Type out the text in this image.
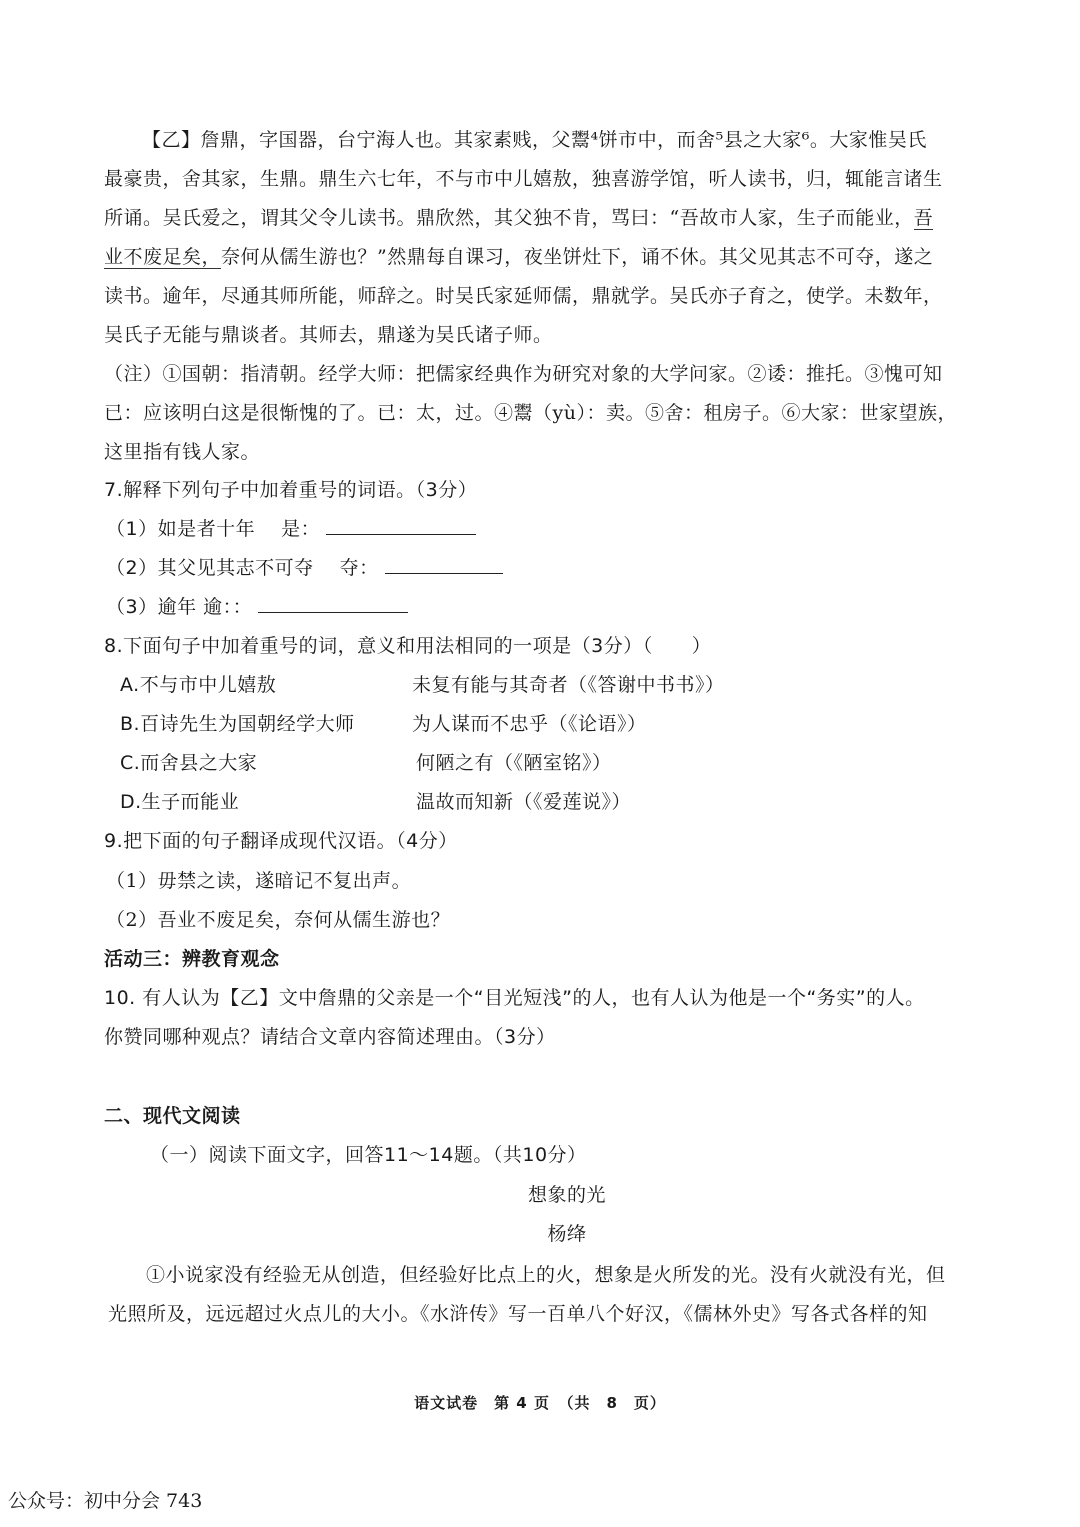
【乙】詹鼎，字国器，台宁海人也。其家素贱，父鬻⁴饼市中，而舍⁵县之大家⁶。大家惟吴氏
最豪贵，舍其家，生鼎。鼎生六七年，不与市中儿嬉敖，独喜游学馆，听人读书，归，辄能言诸生
所诵。吴氏爱之，谓其父令儿读书。鼎欣然，其父独不肯，骂曰：“吾故市人家，生子而能业，吾
业不废足矣，奈何从儒生游也？”然鼎每自课习，夜坐饼灶下，诵不休。其父见其志不可夺，遂之
读书。逾年，尽通其师所能，师辞之。时吴氏家延师儒，鼎就学。吴氏亦子育之，使学。未数年，
吴氏子无能与鼎谈者。其师去，鼎遂为吴氏诸子师。
（注）①国朝：指清朝。经学大师：把儒家经典作为研究对象的大学问家。②诿：推托。③愧可知
已：应该明白这是很惭愧的了。已：太，过。④鬻（yù）：卖。⑤舍：租房子。⑥大家：世家望族，
这里指有钱人家。
7.解释下列句子中加着重号的词语。（3分）
（1）如是者十年　 是：
（2）其父见其志不可夺　 夺：
（3）逾年 逾：：
8.下面句子中加着重号的词，意义和用法相同的一项是（3分）（　　）
A.不与市中儿嬉敖	未复有能与其奇者（《答谢中书书》）
B.百诗先生为国朝经学大师	为人谋而不忠乎（《论语》）
C.而舍县之大家	何陋之有（《陋室铭》）
D.生子而能业	温故而知新（《爱莲说》）
9.把下面的句子翻译成现代汉语。（4分）
（1）毋禁之读，遂暗记不复出声。
（2）吾业不废足矣，奈何从儒生游也？
活动三：辨教育观念
10. 有人认为【乙】文中詹鼎的父亲是一个“目光短浅”的人，也有人认为他是一个“务实”的人。
你赞同哪种观点？请结合文章内容简述理由。（3分）
二、现代文阅读
（一）阅读下面文字，回答11～14题。（共10分）
想象的光
杨绛
①小说家没有经验无从创造，但经验好比点上的火，想象是火所发的光。没有火就没有光，但
光照所及，远远超过火点儿的大小。《水浒传》写一百单八个好汉，《儒林外史》写各式各样的知
语文试卷　第 4 页　（共　8　页）
公众号：初中分会 743
